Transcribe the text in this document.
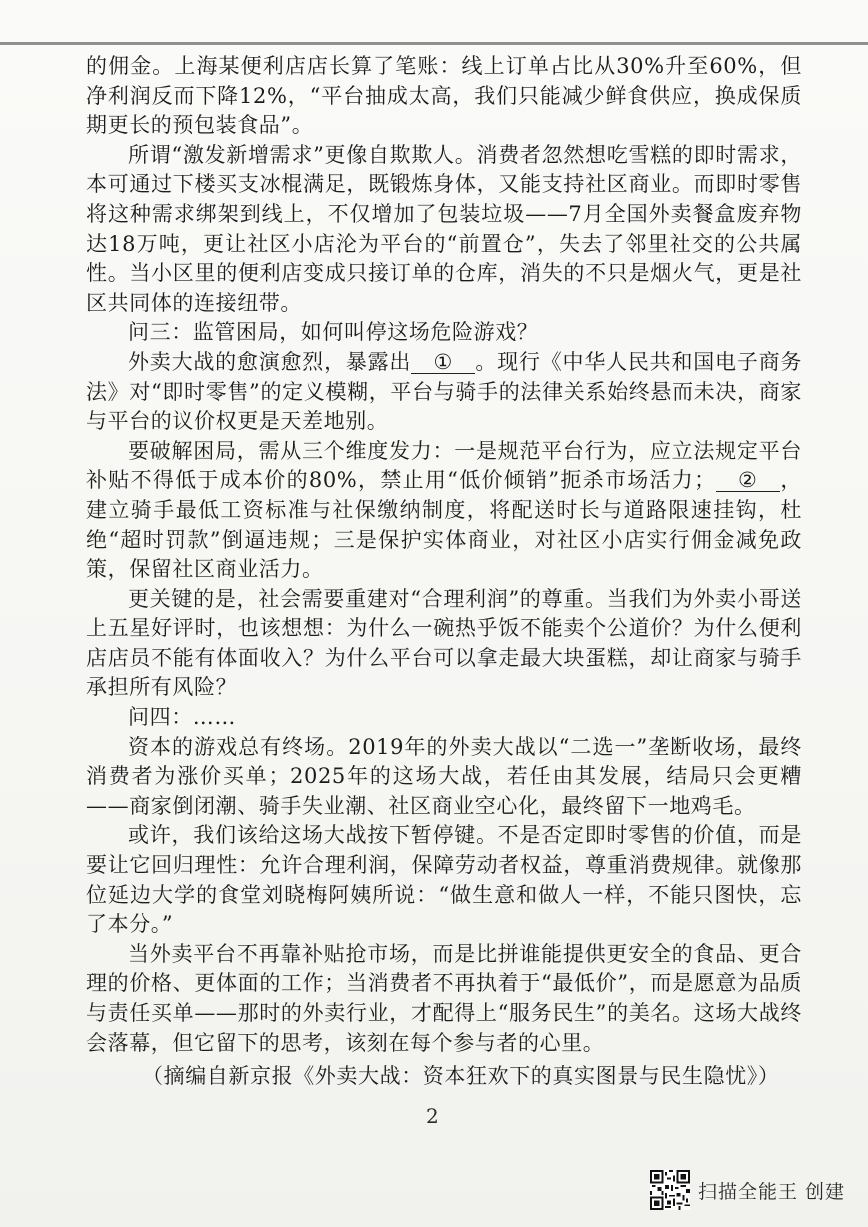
的佣金。上海某便利店店长算了笔账：线上订单占比从30%升至60%，但净利润反而下降12%，“平台抽成太高，我们只能减少鲜食供应，换成保质期更长的预包装食品”。

所谓“激发新增需求”更像自欺欺人。消费者忽然想吃雪糕的即时需求，本可通过下楼买支冰棍满足，既锻炼身体，又能支持社区商业。而即时零售将这种需求绑架到线上，不仅增加了包装垃圾——7月全国外卖餐盒废弃物达18万吨，更让社区小店沦为平台的“前置仓”，失去了邻里社交的公共属性。当小区里的便利店变成只接订单的仓库，消失的不只是烟火气，更是社区共同体的连接纽带。

问三：监管困局，如何叫停这场危险游戏？

外卖大战的愈演愈烈，暴露出 ① 。现行《中华人民共和国电子商务法》对“即时零售”的定义模糊，平台与骑手的法律关系始终悬而未决，商家与平台的议价权更是天差地别。

要破解困局，需从三个维度发力：一是规范平台行为，应立法规定平台补贴不得低于成本价的80%，禁止用“低价倾销”扼杀市场活力； ② ，建立骑手最低工资标准与社保缴纳制度，将配送时长与道路限速挂钩，杜绝“超时罚款”倒逼违规；三是保护实体商业，对社区小店实行佣金减免政策，保留社区商业活力。

更关键的是，社会需要重建对“合理利润”的尊重。当我们为外卖小哥送上五星好评时，也该想想：为什么一碗热乎饭不能卖个公道价？为什么便利店店员不能有体面收入？为什么平台可以拿走最大块蛋糕，却让商家与骑手承担所有风险？

问四：……

资本的游戏总有终场。2019年的外卖大战以“二选一”垄断收场，最终消费者为涨价买单；2025年的这场大战，若任由其发展，结局只会更糟——商家倒闭潮、骑手失业潮、社区商业空心化，最终留下一地鸡毛。

或许，我们该给这场大战按下暂停键。不是否定即时零售的价值，而是要让它回归理性：允许合理利润，保障劳动者权益，尊重消费规律。就像那位延边大学的食堂刘晓梅阿姨所说：“做生意和做人一样，不能只图快，忘了本分。”

当外卖平台不再靠补贴抢市场，而是比拼谁能提供更安全的食品、更合理的价格、更体面的工作；当消费者不再执着于“最低价”，而是愿意为品质与责任买单——那时的外卖行业，才配得上“服务民生”的美名。这场大战终会落幕，但它留下的思考，该刻在每个参与者的心里。

（摘编自新京报《外卖大战：资本狂欢下的真实图景与民生隐忧》）

2
扫描全能王 创建
